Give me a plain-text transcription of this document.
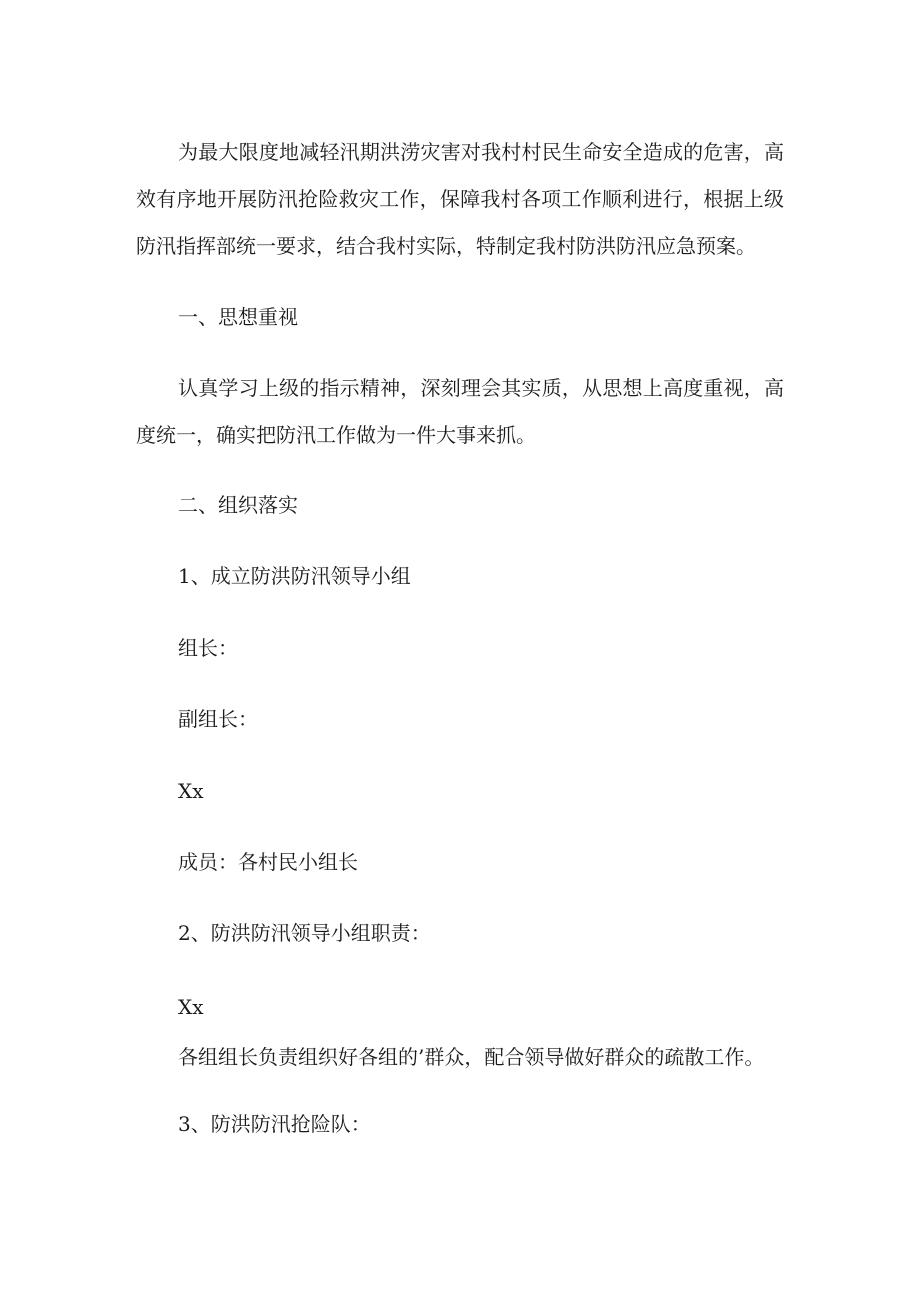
为最大限度地减轻汛期洪涝灾害对我村村民生命安全造成的危害，高效有序地开展防汛抢险救灾工作，保障我村各项工作顺利进行，根据上级防汛指挥部统一要求，结合我村实际，特制定我村防洪防汛应急预案。

一、思想重视

认真学习上级的指示精神，深刻理会其实质，从思想上高度重视，高度统一，确实把防汛工作做为一件大事来抓。

二、组织落实

1、成立防洪防汛领导小组

组长：

副组长：

Xx

成员：各村民小组长

2、防洪防汛领导小组职责：

Xx

各组组长负责组织好各组的’群众，配合领导做好群众的疏散工作。

3、防洪防汛抢险队：
